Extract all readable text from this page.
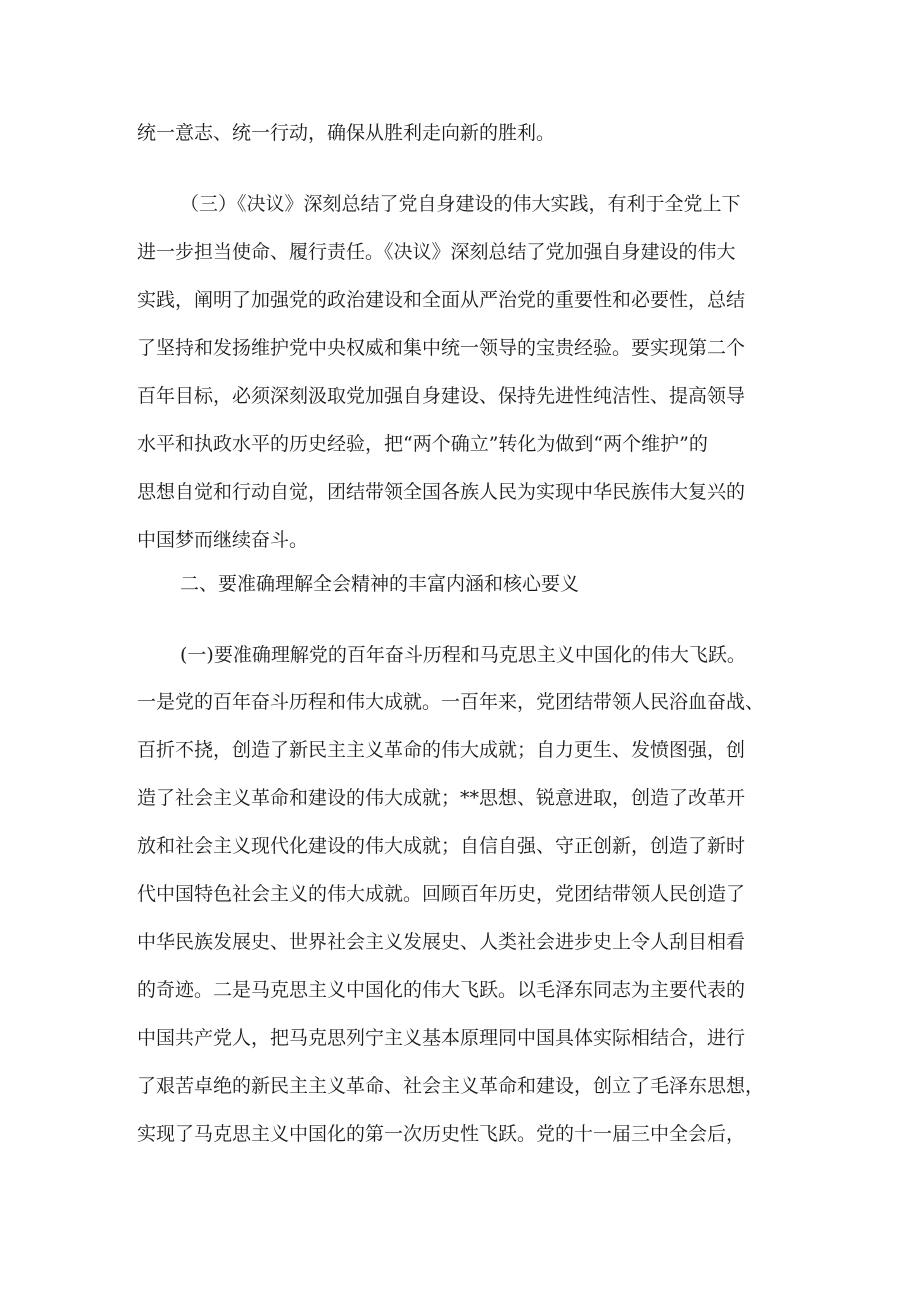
统一意志、统一行动，确保从胜利走向新的胜利。
（三）《决议》深刻总结了党自身建设的伟大实践，有利于全党上下
进一步担当使命、履行责任。《决议》深刻总结了党加强自身建设的伟大
实践，阐明了加强党的政治建设和全面从严治党的重要性和必要性，总结
了坚持和发扬维护党中央权威和集中统一领导的宝贵经验。要实现第二个
百年目标，必须深刻汲取党加强自身建设、保持先进性纯洁性、提高领导
水平和执政水平的历史经验，把“两个确立”转化为做到“两个维护”的
思想自觉和行动自觉，团结带领全国各族人民为实现中华民族伟大复兴的
中国梦而继续奋斗。
二、要准确理解全会精神的丰富内涵和核心要义
(一)要准确理解党的百年奋斗历程和马克思主义中国化的伟大飞跃。
一是党的百年奋斗历程和伟大成就。一百年来，党团结带领人民浴血奋战、
百折不挠，创造了新民主主义革命的伟大成就；自力更生、发愤图强，创
造了社会主义革命和建设的伟大成就；**思想、锐意进取，创造了改革开
放和社会主义现代化建设的伟大成就；自信自强、守正创新，创造了新时
代中国特色社会主义的伟大成就。回顾百年历史，党团结带领人民创造了
中华民族发展史、世界社会主义发展史、人类社会进步史上令人刮目相看
的奇迹。二是马克思主义中国化的伟大飞跃。以毛泽东同志为主要代表的
中国共产党人，把马克思列宁主义基本原理同中国具体实际相结合，进行
了艰苦卓绝的新民主主义革命、社会主义革命和建设，创立了毛泽东思想，
实现了马克思主义中国化的第一次历史性飞跃。党的十一届三中全会后，
